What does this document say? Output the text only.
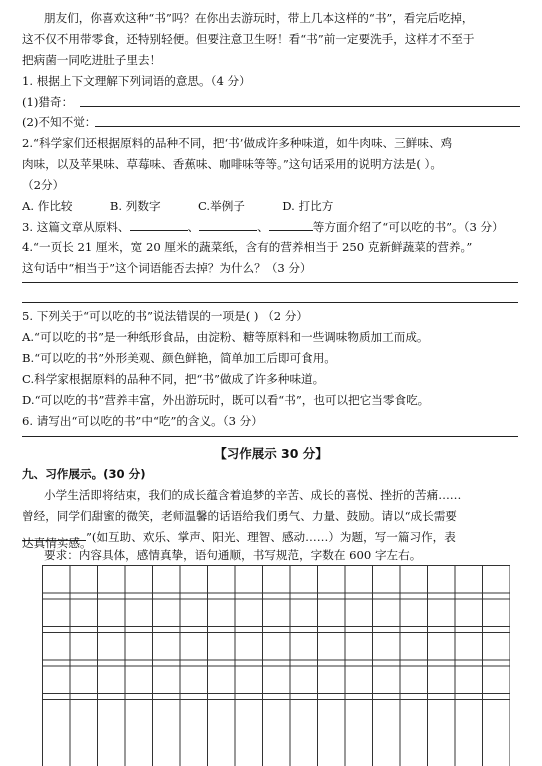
朋友们，你喜欢这种“书”吗？在你出去游玩时，带上几本这样的“书”，看完后吃掉，
这不仅不用带零食，还特别轻便。但要注意卫生呀！看“书”前一定要洗手，这样才不至于
把病菌一同吃进肚子里去！
1. 根据上下文理解下列词语的意思。（4 分）
(1)猎奇：
(2)不知不觉：
2.“科学家们还根据原料的品种不同，把‘书’做成许多种味道，如牛肉味、三鲜味、鸡
肉味，以及苹果味、草莓味、香蕉味、咖啡味等等。”这句话采用的说明方法是( ）。
（2分）
A. 作比较	B. 列数字	C.举例子	D. 打比方
3. 这篇文章从原料、	、	、	等方面介绍了“可以吃的书”。（3 分）
4.“一页长 21 厘米，宽 20 厘米的蔬菜纸，含有的营养相当于 250 克新鲜蔬菜的营养。”
这句话中“相当于”这个词语能否去掉？为什么？（3 分）
5. 下列关于“可以吃的书”说法错误的一项是( ) （2 分）
A.“可以吃的书”是一种纸形食品，由淀粉、糖等原料和一些调味物质加工而成。
B.“可以吃的书”外形美观、颜色鲜艳，简单加工后即可食用。
C.科学家根据原料的品种不同，把“书”做成了许多种味道。
D.“可以吃的书”营养丰富，外出游玩时，既可以看“书”，也可以把它当零食吃。
6. 请写出“可以吃的书”中“吃”的含义。（3 分）
【习作展示 30 分】
九、习作展示。(30 分)
小学生活即将结束，我们的成长蕴含着追梦的辛苦、成长的喜悦、挫折的苦痛……
曾经，同学们甜蜜的微笑，老师温馨的话语给我们勇气、力量、鼓励。请以“成长需要
”(如互助、欢乐、掌声、阳光、理智、感动……）为题，写一篇习作，表
达真情实感。
要求：内容具体，感情真挚，语句通顺，书写规范，字数在 600 字左右。
